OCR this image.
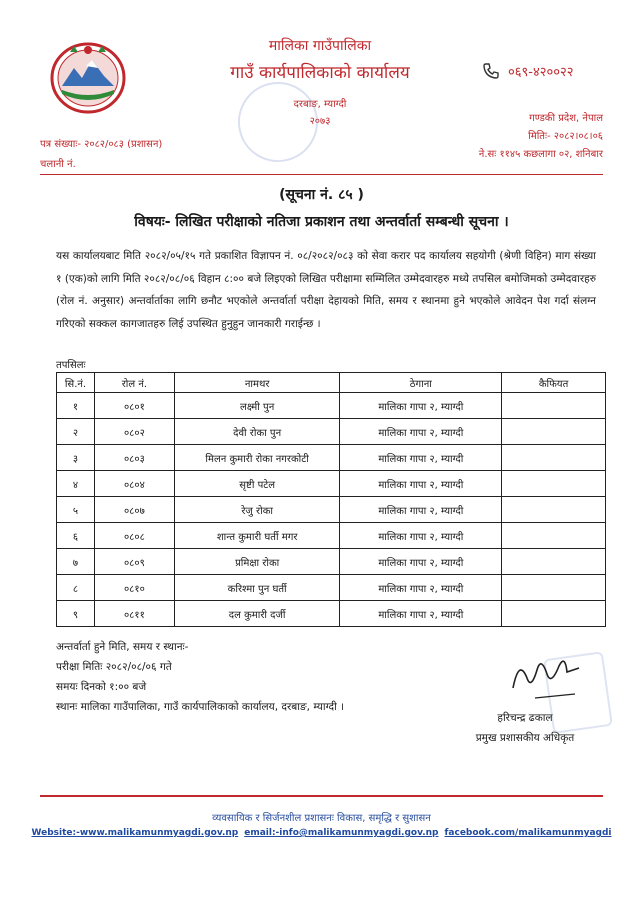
मालिका गाउँपालिका
गाउँ कार्यपालिकाको कार्यालय
दरबाङ, म्याग्दी
२०७३
०६९-४२००२२
गण्डकी प्रदेश, नेपाल
मितिः- २०८२।०८।०६
ने.सः ११४५ कछलागा ०२, शनिबार
पत्र संख्याः- २०८२/०८३ (प्रशासन)
चलानी नं.
(सूचना नं. ८५ )
विषयः- लिखित परीक्षाको नतिजा प्रकाशन तथा अन्तर्वार्ता सम्बन्धी सूचना ।
यस कार्यालयबाट मिति २०८२/०५/१५ गते प्रकाशित विज्ञापन नं. ०८/२०८२/०८३ को सेवा करार पद कार्यालय सहयोगी (श्रेणी विहिन) माग संख्या १ (एक)को लागि मिति २०८२/०८/०६ विहान ८:०० बजे लिइएको लिखित परीक्षामा सम्मिलित उम्मेदवारहरु मध्ये तपसिल बमोजिमको उम्मेदवारहरु (रोल नं. अनुसार) अन्तर्वार्ताका लागि छनौट भएकोले अन्तर्वार्ता परीक्षा देहायको मिति, समय र स्थानमा हुने भएकोले आवेदन पेश गर्दा संलग्न गरिएको सक्कल कागजातहरु लिई उपस्थित हुनुहुन जानकारी गराईन्छ ।
तपसिलः
सि.नं.	रोल नं.	नामथर	ठेगाना	कैफियत
१	०८०१	लक्ष्मी पुन	मालिका गापा २, म्याग्दी	
२	०८०२	देवी रोका पुन	मालिका गापा २, म्याग्दी	
३	०८०३	मिलन कुमारी रोका नगरकोटी	मालिका गापा २, म्याग्दी	
४	०८०४	सृष्टी पटेल	मालिका गापा २, म्याग्दी	
५	०८०७	रेजु रोका	मालिका गापा २, म्याग्दी	
६	०८०८	शान्त कुमारी घर्ती मगर	मालिका गापा २, म्याग्दी	
७	०८०९	प्रमिक्षा रोका	मालिका गापा २, म्याग्दी	
८	०८१०	करिश्मा पुन घर्ती	मालिका गापा २, म्याग्दी	
९	०८११	दल कुमारी दर्जी	मालिका गापा २, म्याग्दी	
अन्तर्वार्ता हुने मिति, समय र स्थानः-
परीक्षा मितिः २०८२/०८/०६ गते
समयः दिनको १:०० बजे
स्थानः मालिका गाउँपालिका, गाउँ कार्यपालिकाको कार्यालय, दरबाङ, म्याग्दी ।
हरिचन्द्र ढकाल
प्रमुख प्रशासकीय अधिकृत
व्यवसायिक र सिर्जनशील प्रशासनः विकास, समृद्धि र सुशासन
Website:-www.malikamunmyagdi.gov.np email:-info@malikamunmyagdi.gov.np facebook.com/malikamunmyagdi
